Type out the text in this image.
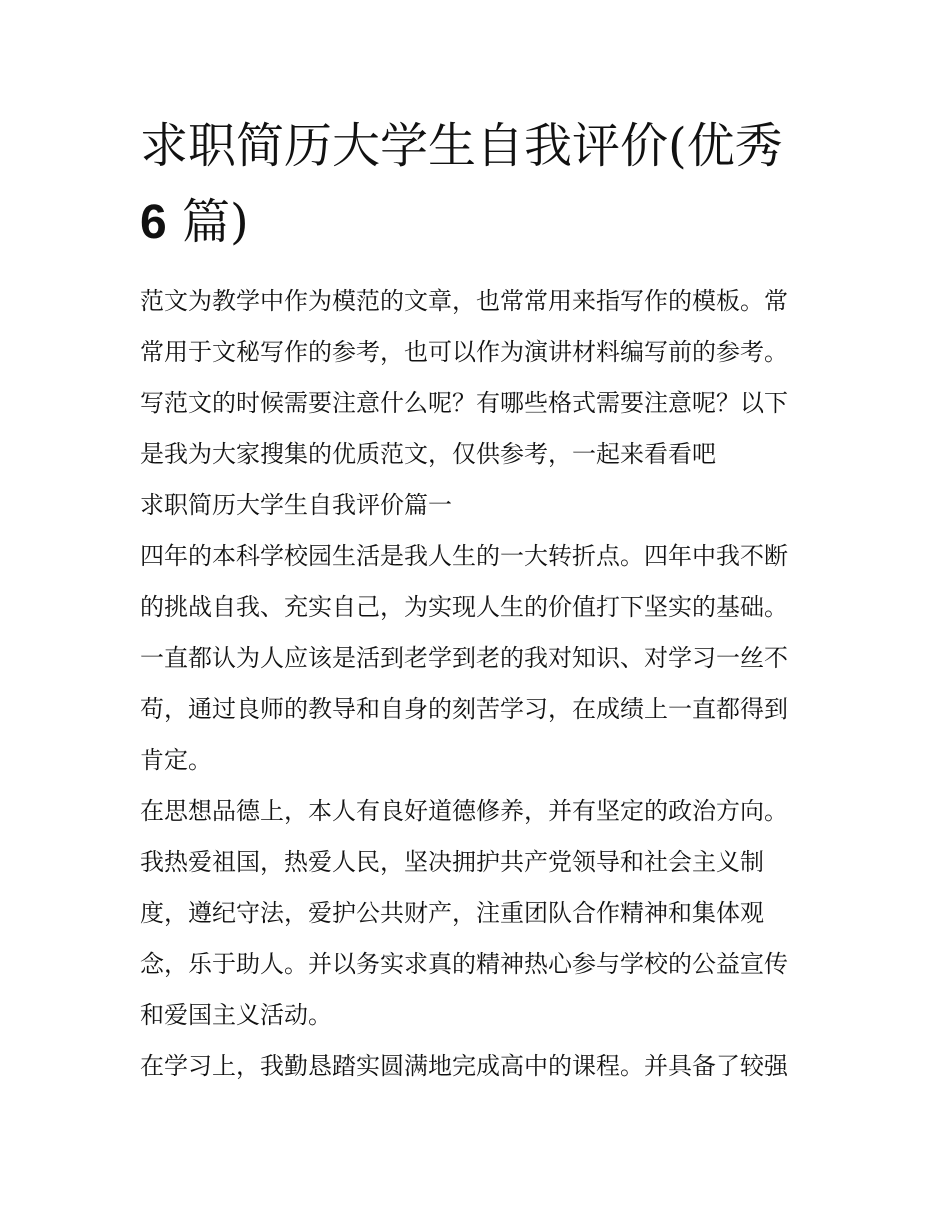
求职简历大学生自我评价(优秀
6 篇)
范文为教学中作为模范的文章，也常常用来指写作的模板。常
常用于文秘写作的参考，也可以作为演讲材料编写前的参考。
写范文的时候需要注意什么呢？有哪些格式需要注意呢？以下
是我为大家搜集的优质范文，仅供参考，一起来看看吧
求职简历大学生自我评价篇一
四年的本科学校园生活是我人生的一大转折点。四年中我不断
的挑战自我、充实自己，为实现人生的价值打下坚实的基础。
一直都认为人应该是活到老学到老的我对知识、对学习一丝不
苟，通过良师的教导和自身的刻苦学习，在成绩上一直都得到
肯定。
在思想品德上，本人有良好道德修养，并有坚定的政治方向。
我热爱祖国，热爱人民，坚决拥护共产党领导和社会主义制
度，遵纪守法，爱护公共财产，注重团队合作精神和集体观
念，乐于助人。并以务实求真的精神热心参与学校的公益宣传
和爱国主义活动。
在学习上，我勤恳踏实圆满地完成高中的课程。并具备了较强
